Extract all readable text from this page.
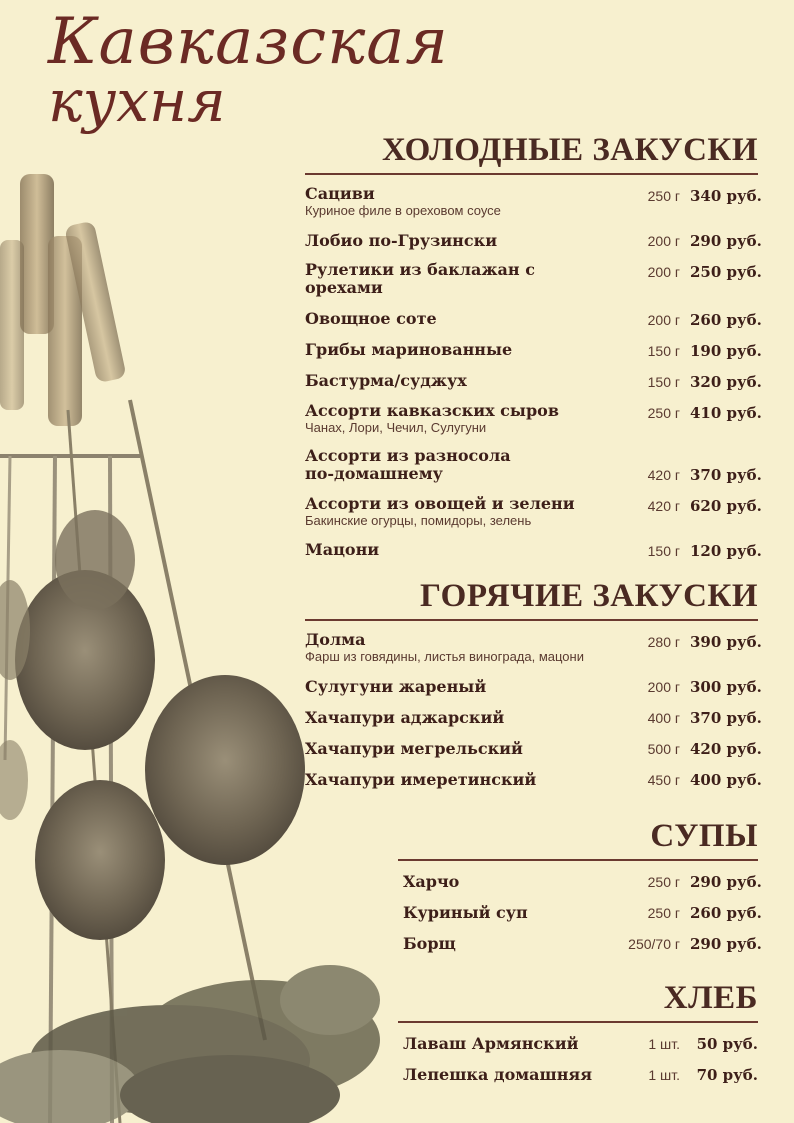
Кавказская
кухня
ХОЛОДНЫЕ ЗАКУСКИ
Сациви
Куриное филе в ореховом соусе
250 г 340 руб.
Лобио по-Грузински	200 г 290 руб.
Рулетики из баклажан с орехами
200 г 250 руб.
Овощное соте	200 г 260 руб.
Грибы маринованные	150 г 190 руб.
Бастурма/суджух	150 г 320 руб.
Ассорти кавказских сыров
Чанах, Лори, Чечил, Сулугуни
250 г 410 руб.
Ассорти из разносола
по-домашнему	420 г 370 руб.
Ассорти из овощей и зелени
Бакинские огурцы, помидоры, зелень
420 г 620 руб.
Мацони	150 г 120 руб.
ГОРЯЧИЕ ЗАКУСКИ
Долма
Фарш из говядины, листья винограда, мацони
280 г 390 руб.
Сулугуни жареный	200 г 300 руб.
Хачапури аджарский	400 г 370 руб.
Хачапури мегрельский	500 г 420 руб.
Хачапури имеретинский	450 г 400 руб.
СУПЫ
Харчо	250 г 290 руб.
Куриный суп	250 г 260 руб.
Борщ	250/70 г 290 руб.
ХЛЕБ
Лаваш Армянский	1 шт.	50 руб.
Лепешка домашняя	1 шт.	70 руб.
